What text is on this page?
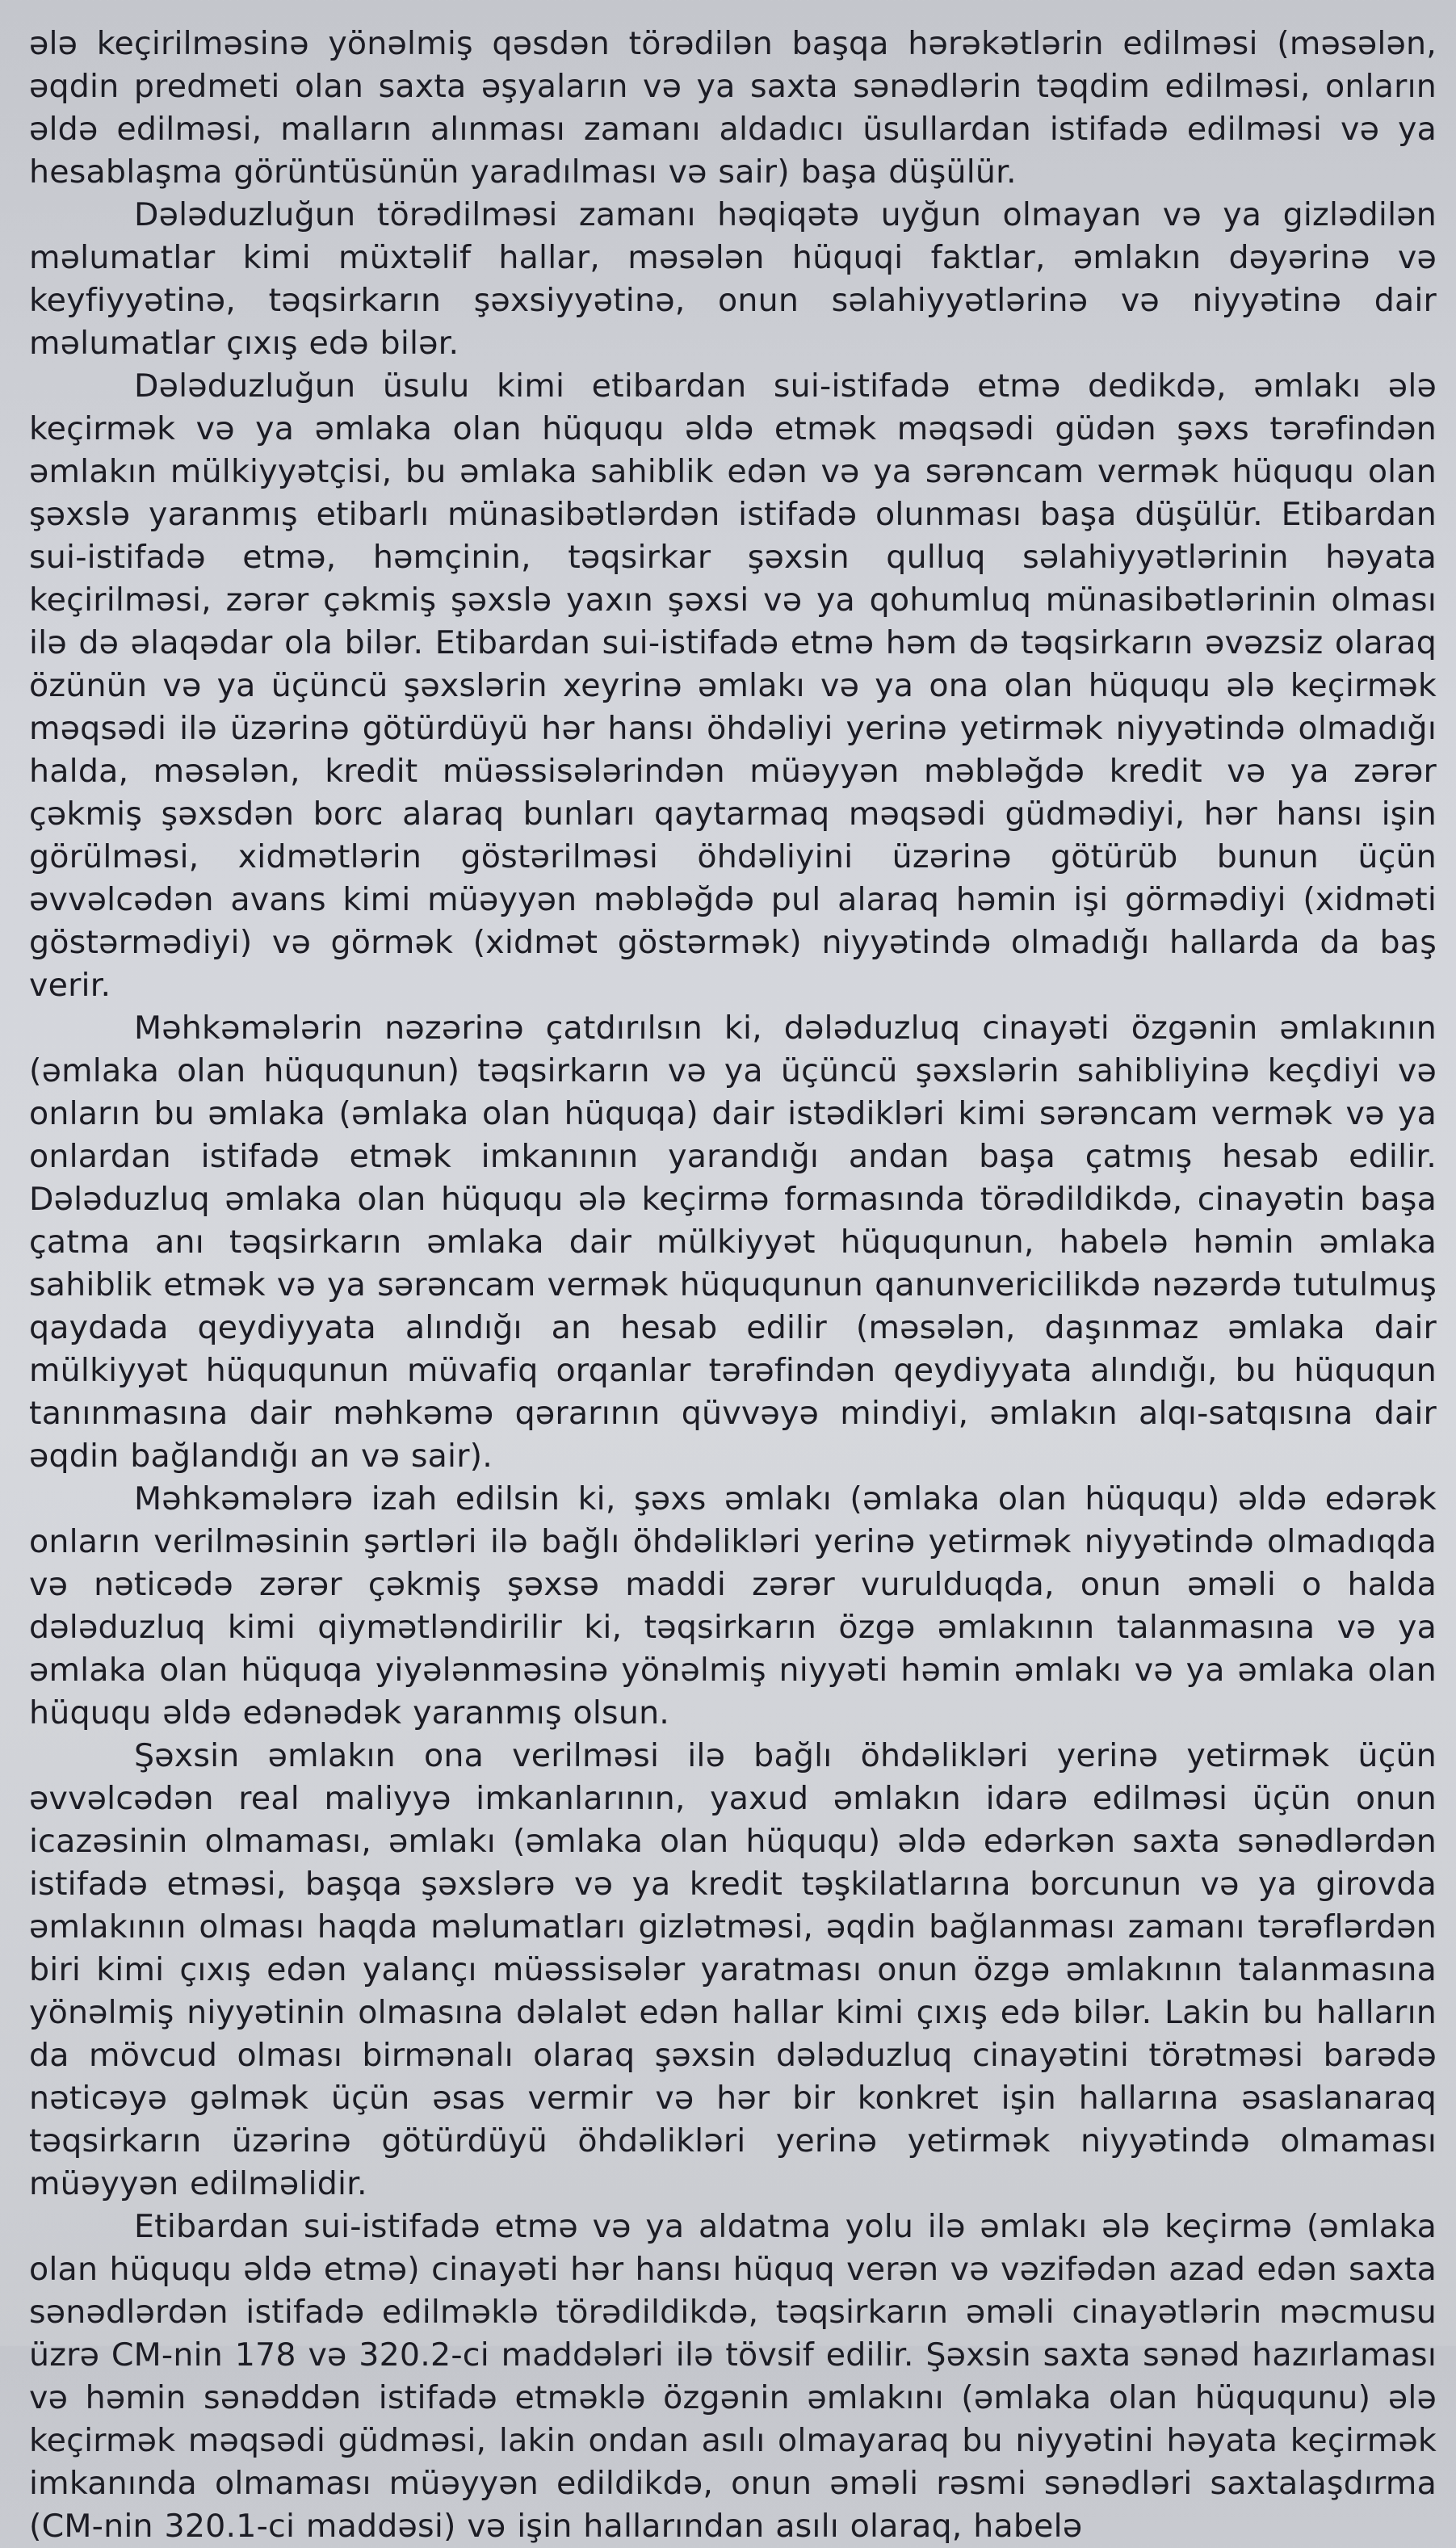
ələ keçirilməsinə yönəlmiş qəsdən törədilən başqa hərəkətlərin edilməsi (məsələn, əqdin predmeti olan saxta əşyaların və ya saxta sənədlərin təqdim edilməsi, onların əldə edilməsi, malların alınması zamanı aldadıcı üsullardan istifadə edilməsi və ya hesablaşma görüntüsünün yaradılması və sair) başa düşülür.

Dələduzluğun törədilməsi zamanı həqiqətə uyğun olmayan və ya gizlədilən məlumatlar kimi müxtəlif hallar, məsələn hüquqi faktlar, əmlakın dəyərinə və keyfiyyətinə, təqsirkarın şəxsiyyətinə, onun səlahiyyətlərinə və niyyətinə dair məlumatlar çıxış edə bilər.

Dələduzluğun üsulu kimi etibardan sui-istifadə etmə dedikdə, əmlakı ələ keçirmək və ya əmlaka olan hüququ əldə etmək məqsədi güdən şəxs tərəfindən əmlakın mülkiyyətçisi, bu əmlaka sahiblik edən və ya sərəncam vermək hüququ olan şəxslə yaranmış etibarlı münasibətlərdən istifadə olunması başa düşülür. Etibardan sui-istifadə etmə, həmçinin, təqsirkar şəxsin qulluq səlahiyyətlərinin həyata keçirilməsi, zərər çəkmiş şəxslə yaxın şəxsi və ya qohumluq münasibətlərinin olması ilə də əlaqədar ola bilər. Etibardan sui-istifadə etmə həm də təqsirkarın əvəzsiz olaraq özünün və ya üçüncü şəxslərin xeyrinə əmlakı və ya ona olan hüququ ələ keçirmək məqsədi ilə üzərinə götürdüyü hər hansı öhdəliyi yerinə yetirmək niyyətində olmadığı halda, məsələn, kredit müəssisələrindən müəyyən məbləğdə kredit və ya zərər çəkmiş şəxsdən borc alaraq bunları qaytarmaq məqsədi güdmədiyi, hər hansı işin görülməsi, xidmətlərin göstərilməsi öhdəliyini üzərinə götürüb bunun üçün əvvəlcədən avans kimi müəyyən məbləğdə pul alaraq həmin işi görmədiyi (xidməti göstərmədiyi) və görmək (xidmət göstərmək) niyyətində olmadığı hallarda da baş verir.

Məhkəmələrin nəzərinə çatdırılsın ki, dələduzluq cinayəti özgənin əmlakının (əmlaka olan hüququnun) təqsirkarın və ya üçüncü şəxslərin sahibliyinə keçdiyi və onların bu əmlaka (əmlaka olan hüquqa) dair istədikləri kimi sərəncam vermək və ya onlardan istifadə etmək imkanının yarandığı andan başa çatmış hesab edilir. Dələduzluq əmlaka olan hüququ ələ keçirmə formasında törədildikdə, cinayətin başa çatma anı təqsirkarın əmlaka dair mülkiyyət hüququnun, habelə həmin əmlaka sahiblik etmək və ya sərəncam vermək hüququnun qanunvericilikdə nəzərdə tutulmuş qaydada qeydiyyata alındığı an hesab edilir (məsələn, daşınmaz əmlaka dair mülkiyyət hüququnun müvafiq orqanlar tərəfindən qeydiyyata alındığı, bu hüququn tanınmasına dair məhkəmə qərarının qüvvəyə mindiyi, əmlakın alqı-satqısına dair əqdin bağlandığı an və sair).

Məhkəmələrə izah edilsin ki, şəxs əmlakı (əmlaka olan hüququ) əldə edərək onların verilməsinin şərtləri ilə bağlı öhdəlikləri yerinə yetirmək niyyətində olmadıqda və nəticədə zərər çəkmiş şəxsə maddi zərər vurulduqda, onun əməli o halda dələduzluq kimi qiymətləndirilir ki, təqsirkarın özgə əmlakının talanmasına və ya əmlaka olan hüquqa yiyələnməsinə yönəlmiş niyyəti həmin əmlakı və ya əmlaka olan hüququ əldə edənədək yaranmış olsun.

Şəxsin əmlakın ona verilməsi ilə bağlı öhdəlikləri yerinə yetirmək üçün əvvəlcədən real maliyyə imkanlarının, yaxud əmlakın idarə edilməsi üçün onun icazəsinin olmaması, əmlakı (əmlaka olan hüququ) əldə edərkən saxta sənədlərdən istifadə etməsi, başqa şəxslərə və ya kredit təşkilatlarına borcunun və ya girovda əmlakının olması haqda məlumatları gizlətməsi, əqdin bağlanması zamanı tərəflərdən biri kimi çıxış edən yalançı müəssisələr yaratması onun özgə əmlakının talanmasına yönəlmiş niyyətinin olmasına dəlalət edən hallar kimi çıxış edə bilər. Lakin bu halların da mövcud olması birmənalı olaraq şəxsin dələduzluq cinayətini törətməsi barədə nəticəyə gəlmək üçün əsas vermir və hər bir konkret işin hallarına əsaslanaraq təqsirkarın üzərinə götürdüyü öhdəlikləri yerinə yetirmək niyyətində olmaması müəyyən edilməlidir.

Etibardan sui-istifadə etmə və ya aldatma yolu ilə əmlakı ələ keçirmə (əmlaka olan hüququ əldə etmə) cinayəti hər hansı hüquq verən və vəzifədən azad edən saxta sənədlərdən istifadə edilməklə törədildikdə, təqsirkarın əməli cinayətlərin məcmusu üzrə CM-nin 178 və 320.2-ci maddələri ilə tövsif edilir. Şəxsin saxta sənəd hazırlaması və həmin sənəddən istifadə etməklə özgənin əmlakını (əmlaka olan hüququnu) ələ keçirmək məqsədi güdməsi, lakin ondan asılı olmayaraq bu niyyətini həyata keçirmək imkanında olmaması müəyyən edildikdə, onun əməli rəsmi sənədləri saxtalaşdırma (CM-nin 320.1-ci maddəsi) və işin hallarından asılı olaraq, habelə
